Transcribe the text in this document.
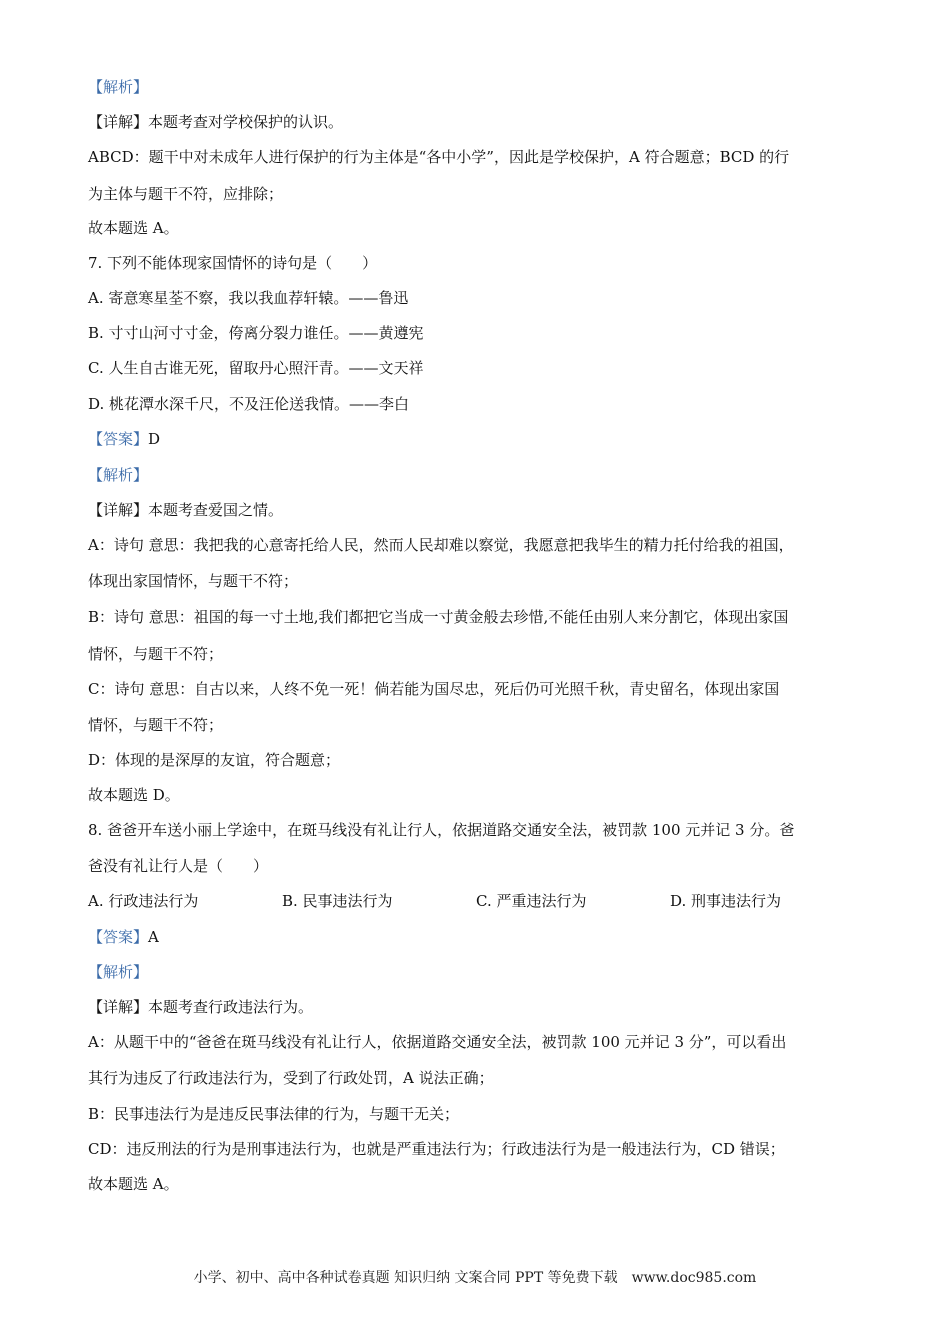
【解析】
【详解】本题考查对学校保护的认识。
ABCD：题干中对未成年人进行保护的行为主体是“各中小学”，因此是学校保护，A 符合题意；BCD 的行
为主体与题干不符，应排除；
故本题选 A。
7. 下列不能体现家国情怀的诗句是（　　）
A. 寄意寒星荃不察，我以我血荐轩辕。——鲁迅
B. 寸寸山河寸寸金，侉离分裂力谁任。——黄遵宪
C. 人生自古谁无死，留取丹心照汗青。——文天祥
D. 桃花潭水深千尺，不及汪伦送我情。——李白
【答案】D
【解析】
【详解】本题考查爱国之情。
A：诗句 意思：我把我的心意寄托给人民，然而人民却难以察觉，我愿意把我毕生的精力托付给我的祖国，
体现出家国情怀，与题干不符；
B：诗句 意思：祖国的每一寸土地,我们都把它当成一寸黄金般去珍惜,不能任由别人来分割它，体现出家国
情怀，与题干不符；
C：诗句 意思：自古以来，人终不免一死！倘若能为国尽忠，死后仍可光照千秋，青史留名，体现出家国
情怀，与题干不符；
D：体现的是深厚的友谊，符合题意；
故本题选 D。
8. 爸爸开车送小丽上学途中，在斑马线没有礼让行人，依据道路交通安全法，被罚款 100 元并记 3 分。爸
爸没有礼让行人是（　　）
A. 行政违法行为	B. 民事违法行为	C. 严重违法行为	D. 刑事违法行为
【答案】A
【解析】
【详解】本题考查行政违法行为。
A：从题干中的“爸爸在斑马线没有礼让行人，依据道路交通安全法，被罚款 100 元并记 3 分”，可以看出
其行为违反了行政违法行为，受到了行政处罚，A 说法正确；
B：民事违法行为是违反民事法律的行为，与题干无关；
CD：违反刑法的行为是刑事违法行为，也就是严重违法行为；行政违法行为是一般违法行为，CD 错误；
故本题选 A。
小学、初中、高中各种试卷真题 知识归纳 文案合同 PPT 等免费下载　www.doc985.com
